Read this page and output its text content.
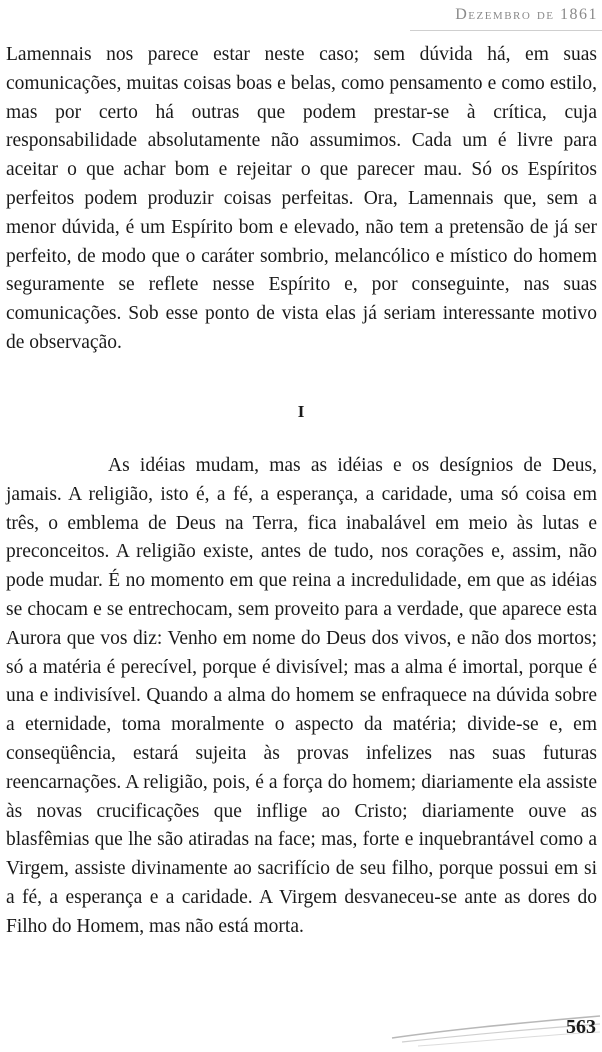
Dezembro de 1861

Lamennais nos parece estar neste caso; sem dúvida há, em suas comunicações, muitas coisas boas e belas, como pensamento e como estilo, mas por certo há outras que podem prestar-se à crítica, cuja responsabilidade absolutamente não assumimos. Cada um é livre para aceitar o que achar bom e rejeitar o que parecer mau. Só os Espíritos perfeitos podem produzir coisas perfeitas. Ora, Lamennais que, sem a menor dúvida, é um Espírito bom e elevado, não tem a pretensão de já ser perfeito, de modo que o caráter sombrio, melancólico e místico do homem seguramente se reflete nesse Espírito e, por conseguinte, nas suas comunicações. Sob esse ponto de vista elas já seriam interessante motivo de observação.

I

As idéias mudam, mas as idéias e os desígnios de Deus, jamais. A religião, isto é, a fé, a esperança, a caridade, uma só coisa em três, o emblema de Deus na Terra, fica inabalável em meio às lutas e preconceitos. A religião existe, antes de tudo, nos corações e, assim, não pode mudar. É no momento em que reina a incredulidade, em que as idéias se chocam e se entrechocam, sem proveito para a verdade, que aparece esta Aurora que vos diz: Venho em nome do Deus dos vivos, e não dos mortos; só a matéria é perecível, porque é divisível; mas a alma é imortal, porque é una e indivisível. Quando a alma do homem se enfraquece na dúvida sobre a eternidade, toma moralmente o aspecto da matéria; divide-se e, em conseqüência, estará sujeita às provas infelizes nas suas futuras reencarnações. A religião, pois, é a força do homem; diariamente ela assiste às novas crucificações que inflige ao Cristo; diariamente ouve as blasfêmias que lhe são atiradas na face; mas, forte e inquebrantável como a Virgem, assiste divinamente ao sacrifício de seu filho, porque possui em si a fé, a esperança e a caridade. A Virgem desvaneceu-se ante as dores do Filho do Homem, mas não está morta.

563
